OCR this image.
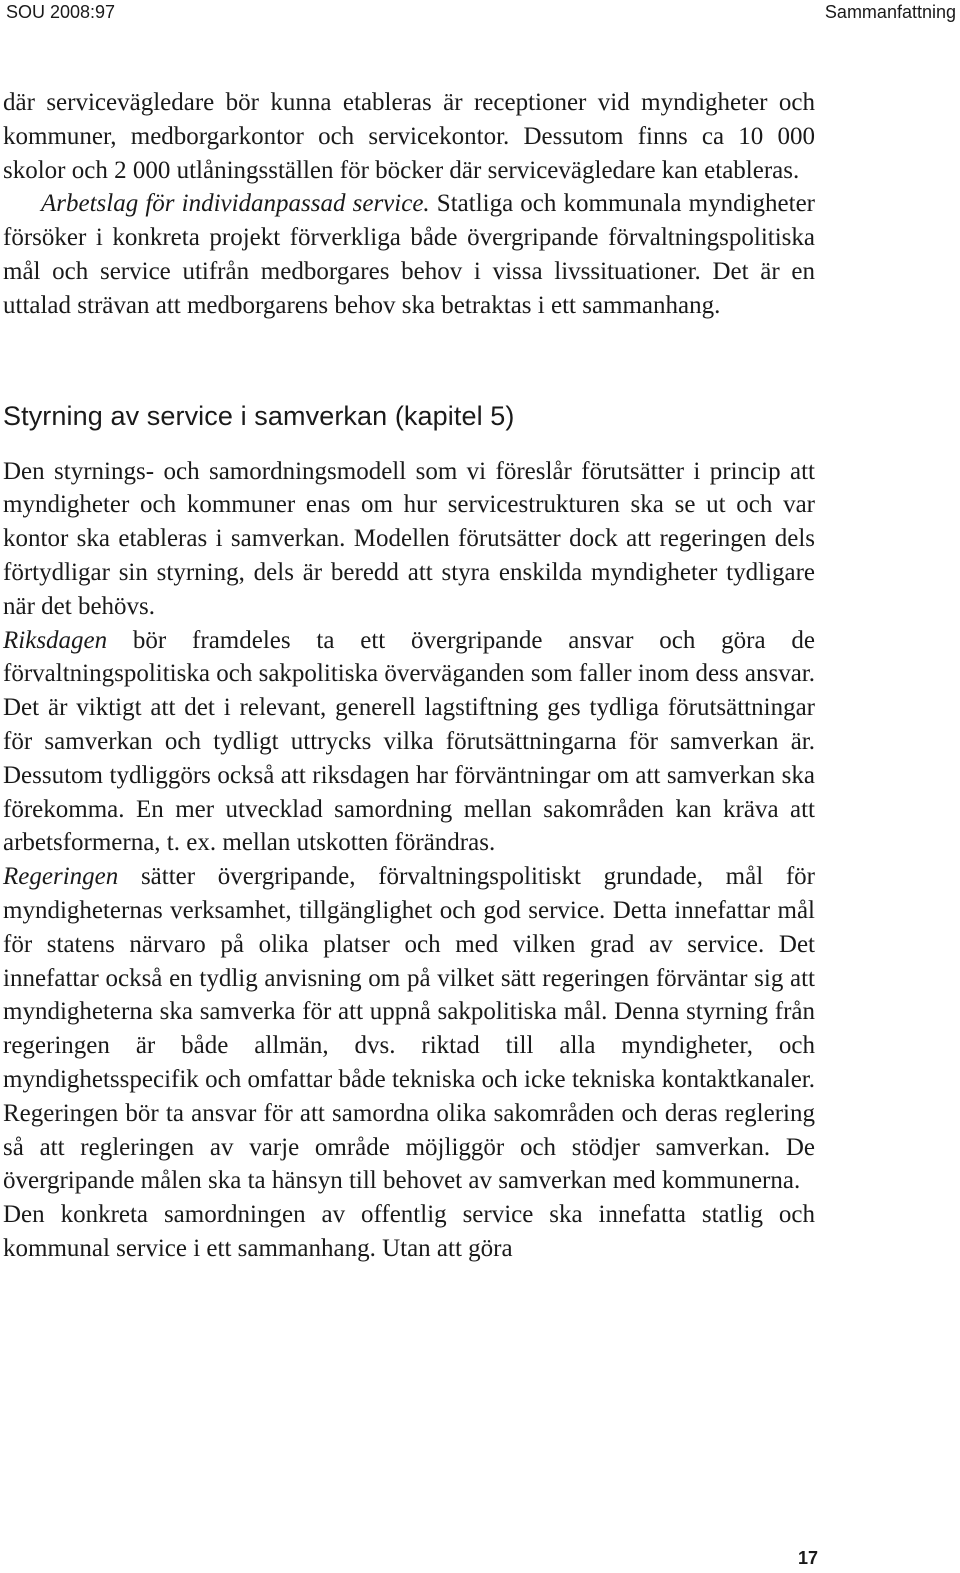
SOU 2008:97	Sammanfattning

där servicevägledare bör kunna etableras är receptioner vid myndigheter och kommuner, medborgarkontor och servicekontor. Dessutom finns ca 10 000 skolor och 2 000 utlåningsställen för böcker där servicevägledare kan etableras.

Arbetslag för individanpassad service. Statliga och kommunala myndigheter försöker i konkreta projekt förverkliga både övergripande förvaltningspolitiska mål och service utifrån medborgares behov i vissa livssituationer. Det är en uttalad strävan att medborgarens behov ska betraktas i ett sammanhang.

Styrning av service i samverkan (kapitel 5)

Den styrnings- och samordningsmodell som vi föreslår förutsätter i princip att myndigheter och kommuner enas om hur servicestrukturen ska se ut och var kontor ska etableras i samverkan. Modellen förutsätter dock att regeringen dels förtydligar sin styrning, dels är beredd att styra enskilda myndigheter tydligare när det behövs.

Riksdagen bör framdeles ta ett övergripande ansvar och göra de förvaltningspolitiska och sakpolitiska överväganden som faller inom dess ansvar. Det är viktigt att det i relevant, generell lagstiftning ges tydliga förutsättningar för samverkan och tydligt uttrycks vilka förutsättningarna för samverkan är. Dessutom tydliggörs också att riksdagen har förväntningar om att samverkan ska förekomma. En mer utvecklad samordning mellan sakområden kan kräva att arbetsformerna, t. ex. mellan utskotten förändras.

Regeringen sätter övergripande, förvaltningspolitiskt grundade, mål för myndigheternas verksamhet, tillgänglighet och god service. Detta innefattar mål för statens närvaro på olika platser och med vilken grad av service. Det innefattar också en tydlig anvisning om på vilket sätt regeringen förväntar sig att myndigheterna ska samverka för att uppnå sakpolitiska mål. Denna styrning från regeringen är både allmän, dvs. riktad till alla myndigheter, och myndighetsspecifik och omfattar både tekniska och icke tekniska kontaktkanaler. Regeringen bör ta ansvar för att samordna olika sakområden och deras reglering så att regleringen av varje område möjliggör och stödjer samverkan. De övergripande målen ska ta hänsyn till behovet av samverkan med kommunerna.

Den konkreta samordningen av offentlig service ska innefatta statlig och kommunal service i ett sammanhang. Utan att göra

17
